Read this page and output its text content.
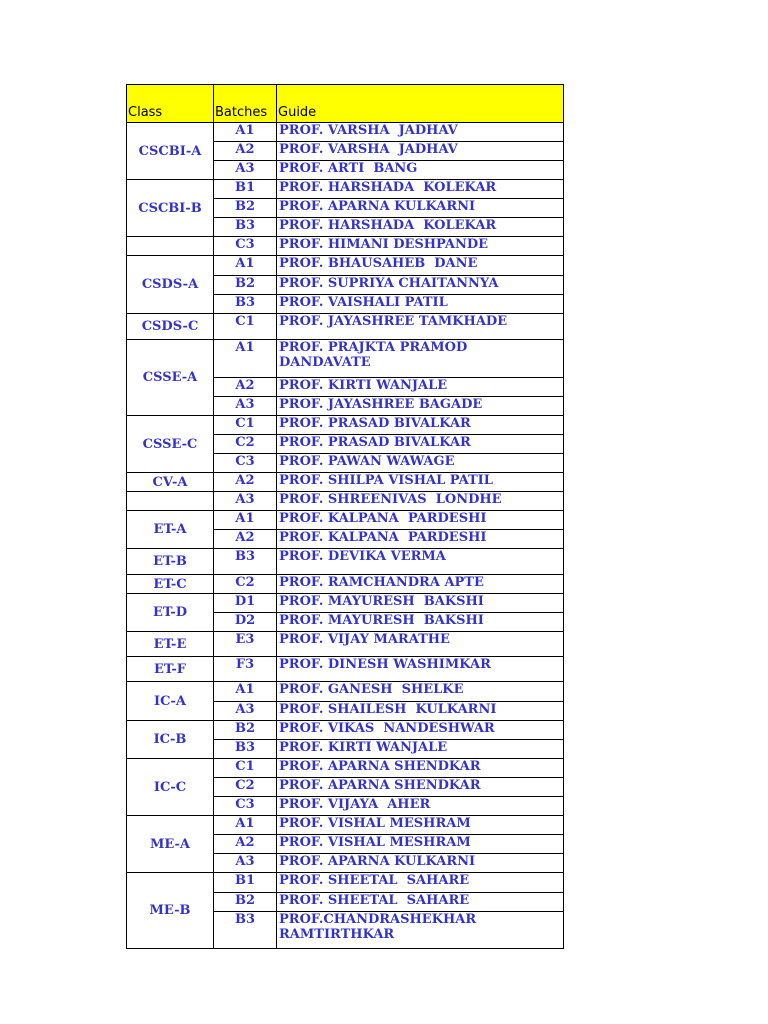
Class	Batches	Guide
CSCBI-A	A1	PROF. VARSHA  JADHAV
	A2	PROF. VARSHA  JADHAV
	A3	PROF. ARTI  BANG
CSCBI-B	B1	PROF. HARSHADA  KOLEKAR
	B2	PROF. APARNA KULKARNI
	B3	PROF. HARSHADA  KOLEKAR
	C3	PROF. HIMANI DESHPANDE
CSDS-A	A1	PROF. BHAUSAHEB  DANE
	B2	PROF. SUPRIYA CHAITANNYA
	B3	PROF. VAISHALI PATIL
CSDS-C	C1	PROF. JAYASHREE TAMKHADE
CSSE-A	A1	PROF. PRAJKTA PRAMOD
DANDAVATE
	A2	PROF. KIRTI WANJALE
	A3	PROF. JAYASHREE BAGADE
CSSE-C	C1	PROF. PRASAD BIVALKAR
	C2	PROF. PRASAD BIVALKAR
	C3	PROF. PAWAN WAWAGE
CV-A	A2	PROF. SHILPA VISHAL PATIL
	A3	PROF. SHREENIVAS  LONDHE
ET-A	A1	PROF. KALPANA  PARDESHI
	A2	PROF. KALPANA  PARDESHI
ET-B	B3	PROF. DEVIKA VERMA
ET-C	C2	PROF. RAMCHANDRA APTE
ET-D	D1	PROF. MAYURESH  BAKSHI
	D2	PROF. MAYURESH  BAKSHI
ET-E	E3	PROF. VIJAY MARATHE
ET-F	F3	PROF. DINESH WASHIMKAR
IC-A	A1	PROF. GANESH  SHELKE
	A3	PROF. SHAILESH  KULKARNI
IC-B	B2	PROF. VIKAS  NANDESHWAR
	B3	PROF. KIRTI WANJALE
IC-C	C1	PROF. APARNA SHENDKAR
	C2	PROF. APARNA SHENDKAR
	C3	PROF. VIJAYA  AHER
ME-A	A1	PROF. VISHAL MESHRAM
	A2	PROF. VISHAL MESHRAM
	A3	PROF. APARNA KULKARNI
ME-B	B1	PROF. SHEETAL  SAHARE
	B2	PROF. SHEETAL  SAHARE
	B3	PROF.CHANDRASHEKHAR
RAMTIRTHKAR
